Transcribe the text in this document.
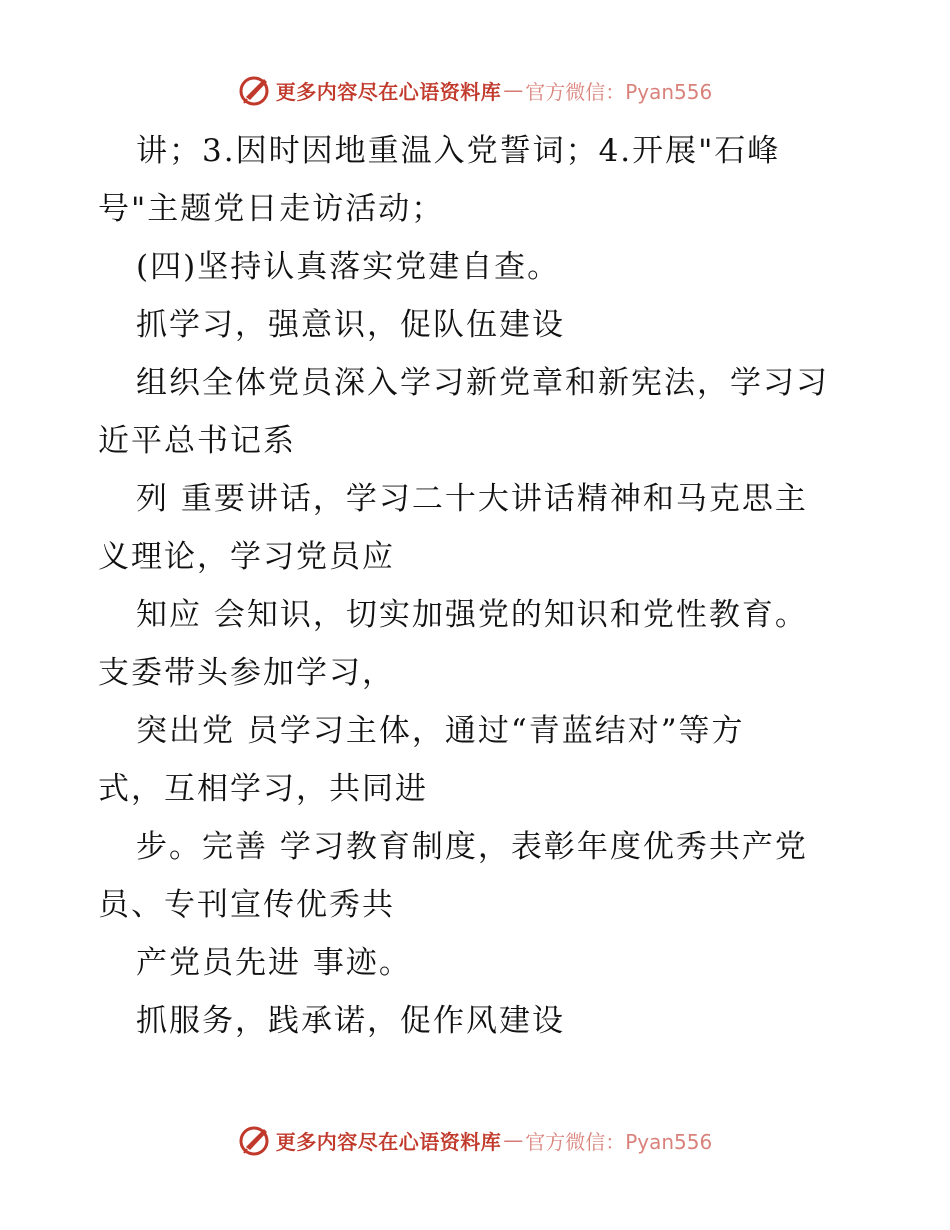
更多内容尽在心语资料库 — 官方微信：Pyan556
讲；3.因时因地重温入党誓词；4.开展"石峰
号"主题党日走访活动；
(四)坚持认真落实党建自查。
抓学习，强意识，促队伍建设
组织全体党员深入学习新党章和新宪法，学习习
近平总书记系
列 重要讲话，学习二十大讲话精神和马克思主
义理论，学习党员应
知应 会知识，切实加强党的知识和党性教育。
支委带头参加学习，
突出党 员学习主体，通过“青蓝结对”等方
式，互相学习，共同进
步。完善 学习教育制度，表彰年度优秀共产党
员、专刊宣传优秀共
产党员先进 事迹。
抓服务，践承诺，促作风建设
更多内容尽在心语资料库 — 官方微信：Pyan556
